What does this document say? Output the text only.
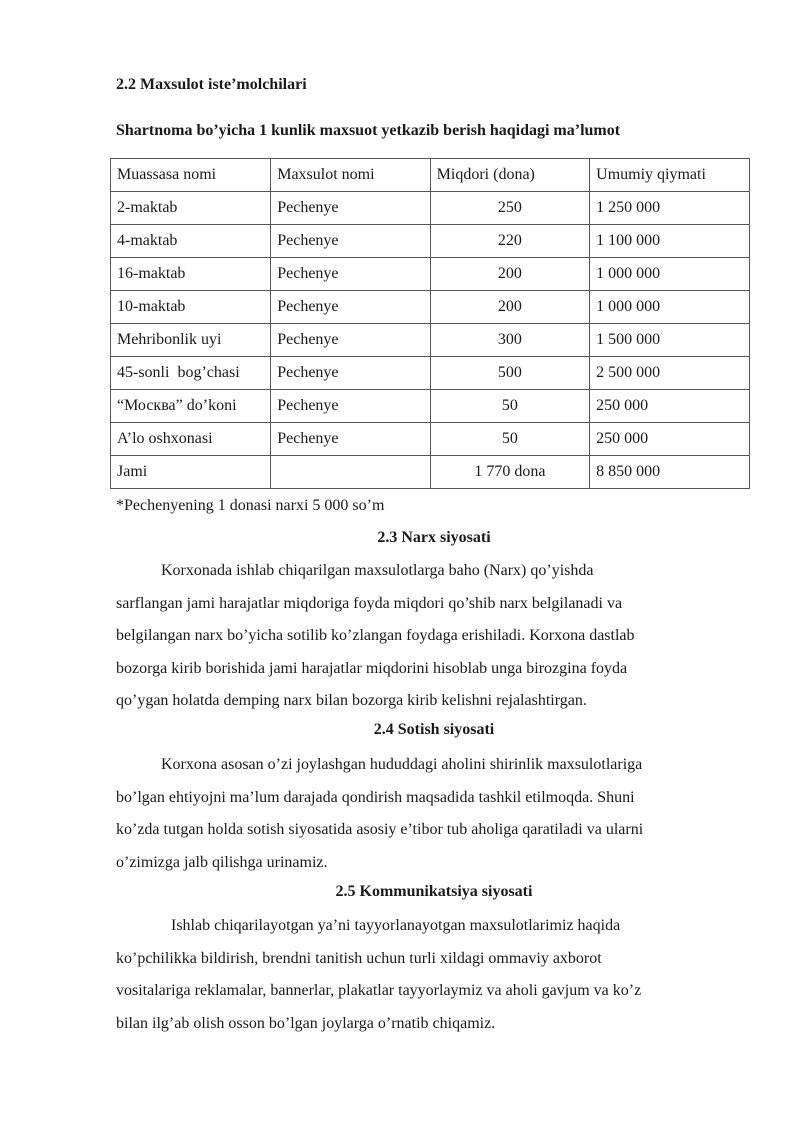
2.2 Maxsulot iste’molchilari
Shartnoma bo’yicha 1 kunlik maxsuot yetkazib berish haqidagi ma’lumot
Muassasa nomi	Maxsulot nomi	Miqdori (dona)	Umumiy qiymati
2-maktab	Pechenye	250	1 250 000
4-maktab	Pechenye	220	1 100 000
16-maktab	Pechenye	200	1 000 000
10-maktab	Pechenye	200	1 000 000
Mehribonlik uyi	Pechenye	300	1 500 000
45-sonli  bog’chasi	Pechenye	500	2 500 000
“Москва” do’koni	Pechenye	50	250 000
A’lo oshxonasi	Pechenye	50	250 000
Jami		1 770 dona	8 850 000
*Pechenyening 1 donasi narxi 5 000 so’m
2.3 Narx siyosati

Korxonada ishlab chiqarilgan maxsulotlarga baho (Narx) qo’yishda
sarflangan jami harajatlar miqdoriga foyda miqdori qo’shib narx belgilanadi va
belgilangan narx bo’yicha sotilib ko’zlangan foydaga erishiladi. Korxona dastlab
bozorga kirib borishida jami harajatlar miqdorini hisoblab unga birozgina foyda
qo’ygan holatda demping narx bilan bozorga kirib kelishni rejalashtirgan.

2.4 Sotish siyosati

Korxona asosan o’zi joylashgan hududdagi aholini shirinlik maxsulotlariga
bo’lgan ehtiyojni ma’lum darajada qondirish maqsadida tashkil etilmoqda. Shuni
ko’zda tutgan holda sotish siyosatida asosiy e’tibor tub aholiga qaratiladi va ularni
o’zimizga jalb qilishga urinamiz.

2.5 Kommunikatsiya siyosati

Ishlab chiqarilayotgan ya’ni tayyorlanayotgan maxsulotlarimiz haqida
ko’pchilikka bildirish, brendni tanitish uchun turli xildagi ommaviy axborot
vositalariga reklamalar, bannerlar, plakatlar tayyorlaymiz va aholi gavjum va ko’z
bilan ilg’ab olish osson bo’lgan joylarga o’rnatib chiqamiz.
